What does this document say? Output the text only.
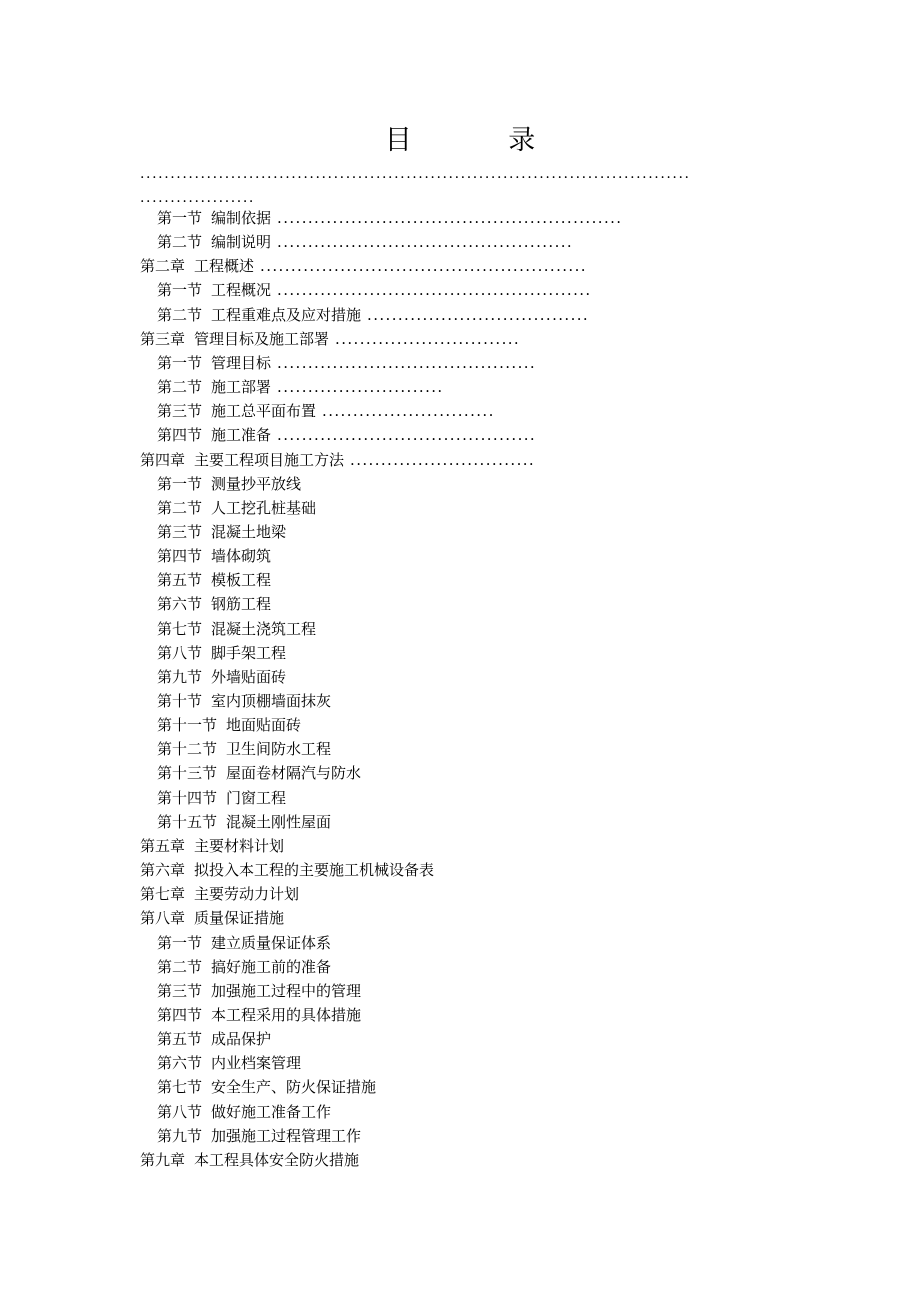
目 录
...........................................................................................
...................
第一节 编制依据 ........................................................
第二节 编制说明 ................................................
第二章 工程概述 .....................................................
第一节 工程概况 ...................................................
第二节 工程重难点及应对措施 ....................................
第三章 管理目标及施工部署 ..............................
第一节 管理目标 ..........................................
第二节 施工部署 ...........................
第三节 施工总平面布置 ............................
第四节 施工准备 ..........................................
第四章 主要工程项目施工方法 ..............................
第一节 测量抄平放线
第二节 人工挖孔桩基础
第三节 混凝土地梁
第四节 墙体砌筑
第五节 模板工程
第六节 钢筋工程
第七节 混凝土浇筑工程
第八节 脚手架工程
第九节 外墙贴面砖
第十节 室内顶棚墙面抹灰
第十一节 地面贴面砖
第十二节 卫生间防水工程
第十三节 屋面卷材隔汽与防水
第十四节 门窗工程
第十五节 混凝土刚性屋面
第五章 主要材料计划
第六章 拟投入本工程的主要施工机械设备表
第七章 主要劳动力计划
第八章 质量保证措施
第一节 建立质量保证体系
第二节 搞好施工前的准备
第三节 加强施工过程中的管理
第四节 本工程采用的具体措施
第五节 成品保护
第六节 内业档案管理
第七节 安全生产、防火保证措施
第八节 做好施工准备工作
第九节 加强施工过程管理工作
第九章 本工程具体安全防火措施
